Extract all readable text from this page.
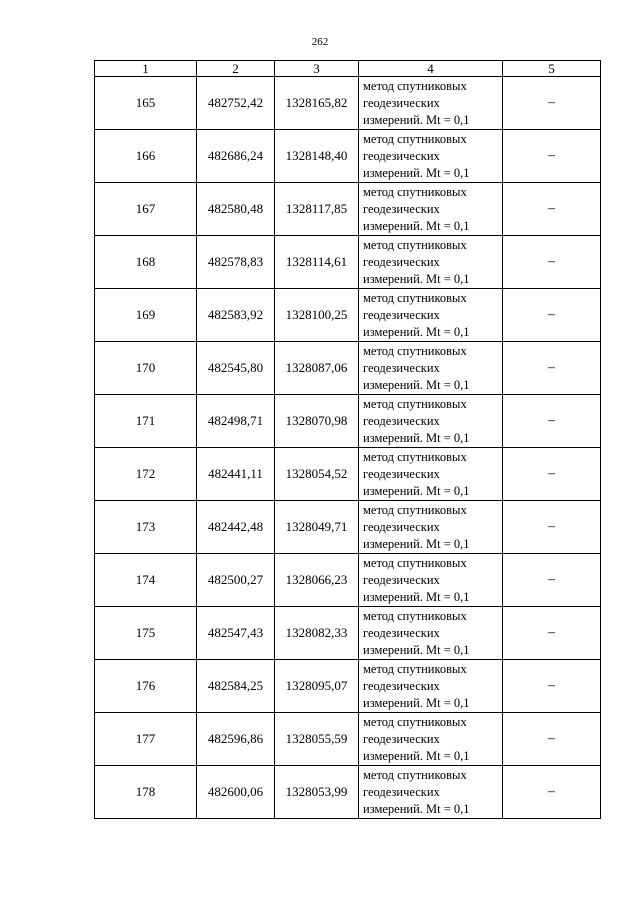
262
1	2	3	4	5
165	482752,42	1328165,82	метод спутниковых
геодезических
измерений. Mt = 0,1	–
166	482686,24	1328148,40	метод спутниковых
геодезических
измерений. Mt = 0,1	–
167	482580,48	1328117,85	метод спутниковых
геодезических
измерений. Mt = 0,1	–
168	482578,83	1328114,61	метод спутниковых
геодезических
измерений. Mt = 0,1	–
169	482583,92	1328100,25	метод спутниковых
геодезических
измерений. Mt = 0,1	–
170	482545,80	1328087,06	метод спутниковых
геодезических
измерений. Mt = 0,1	–
171	482498,71	1328070,98	метод спутниковых
геодезических
измерений. Mt = 0,1	–
172	482441,11	1328054,52	метод спутниковых
геодезических
измерений. Mt = 0,1	–
173	482442,48	1328049,71	метод спутниковых
геодезических
измерений. Mt = 0,1	–
174	482500,27	1328066,23	метод спутниковых
геодезических
измерений. Mt = 0,1	–
175	482547,43	1328082,33	метод спутниковых
геодезических
измерений. Mt = 0,1	–
176	482584,25	1328095,07	метод спутниковых
геодезических
измерений. Mt = 0,1	–
177	482596,86	1328055,59	метод спутниковых
геодезических
измерений. Mt = 0,1	–
178	482600,06	1328053,99	метод спутниковых
геодезических
измерений. Mt = 0,1	–
